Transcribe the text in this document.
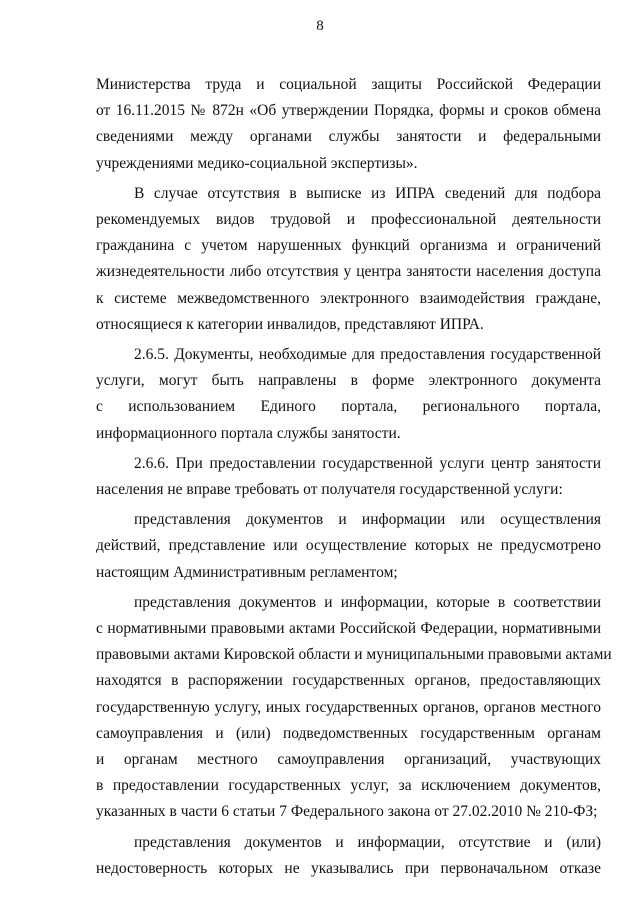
8
Министерства труда и социальной защиты Российской Федерации
от 16.11.2015 № 872н «Об утверждении Порядка, формы и сроков обмена
сведениями между органами службы занятости и федеральными
учреждениями медико-социальной экспертизы».
В случае отсутствия в выписке из ИПРА сведений для подбора
рекомендуемых видов трудовой и профессиональной деятельности
гражданина с учетом нарушенных функций организма и ограничений
жизнедеятельности либо отсутствия у центра занятости населения доступа
к системе межведомственного электронного взаимодействия граждане,
относящиеся к категории инвалидов, представляют ИПРА.
2.6.5. Документы, необходимые для предоставления государственной
услуги, могут быть направлены в форме электронного документа
с использованием Единого портала, регионального портала,
информационного портала службы занятости.
2.6.6. При предоставлении государственной услуги центр занятости
населения не вправе требовать от получателя государственной услуги:
представления документов и информации или осуществления
действий, представление или осуществление которых не предусмотрено
настоящим Административным регламентом;
представления документов и информации, которые в соответствии
с нормативными правовыми актами Российской Федерации, нормативными
правовыми актами Кировской области и муниципальными правовыми актами
находятся в распоряжении государственных органов, предоставляющих
государственную услугу, иных государственных органов, органов местного
самоуправления и (или) подведомственных государственным органам
и органам местного самоуправления организаций, участвующих
в предоставлении государственных услуг, за исключением документов,
указанных в части 6 статьи 7 Федерального закона от 27.02.2010 № 210-ФЗ;
представления документов и информации, отсутствие и (или)
недостоверность которых не указывались при первоначальном отказе
